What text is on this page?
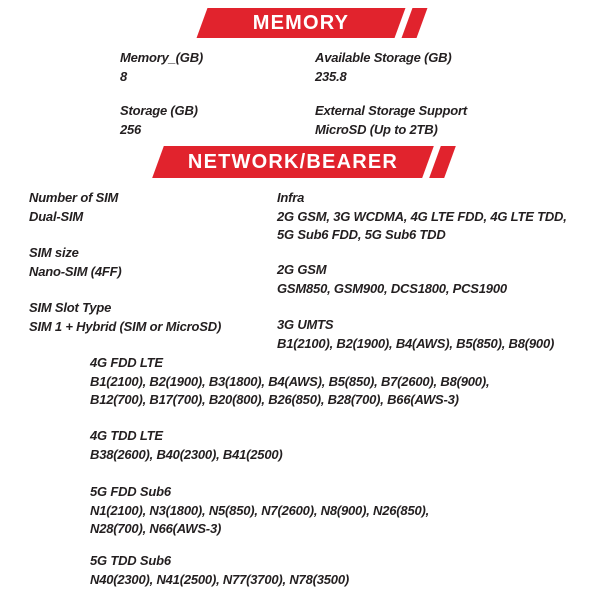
MEMORY
Memory_(GB)
8
Available Storage (GB)
235.8
Storage (GB)
256
External Storage Support
MicroSD (Up to 2TB)
NETWORK/BEARER
Number of SIM
Dual-SIM
SIM size
Nano-SIM (4FF)
SIM Slot Type
SIM 1 + Hybrid (SIM or MicroSD)
Infra
2G GSM, 3G WCDMA, 4G LTE FDD, 4G LTE TDD,
5G Sub6 FDD, 5G Sub6 TDD
2G GSM
GSM850, GSM900, DCS1800, PCS1900
3G UMTS
B1(2100), B2(1900), B4(AWS), B5(850), B8(900)
4G FDD LTE
B1(2100), B2(1900), B3(1800), B4(AWS), B5(850), B7(2600), B8(900),
B12(700), B17(700), B20(800), B26(850), B28(700), B66(AWS-3)
4G TDD LTE
B38(2600), B40(2300), B41(2500)
5G FDD Sub6
N1(2100), N3(1800), N5(850), N7(2600), N8(900), N26(850),
N28(700), N66(AWS-3)
5G TDD Sub6
N40(2300), N41(2500), N77(3700), N78(3500)
